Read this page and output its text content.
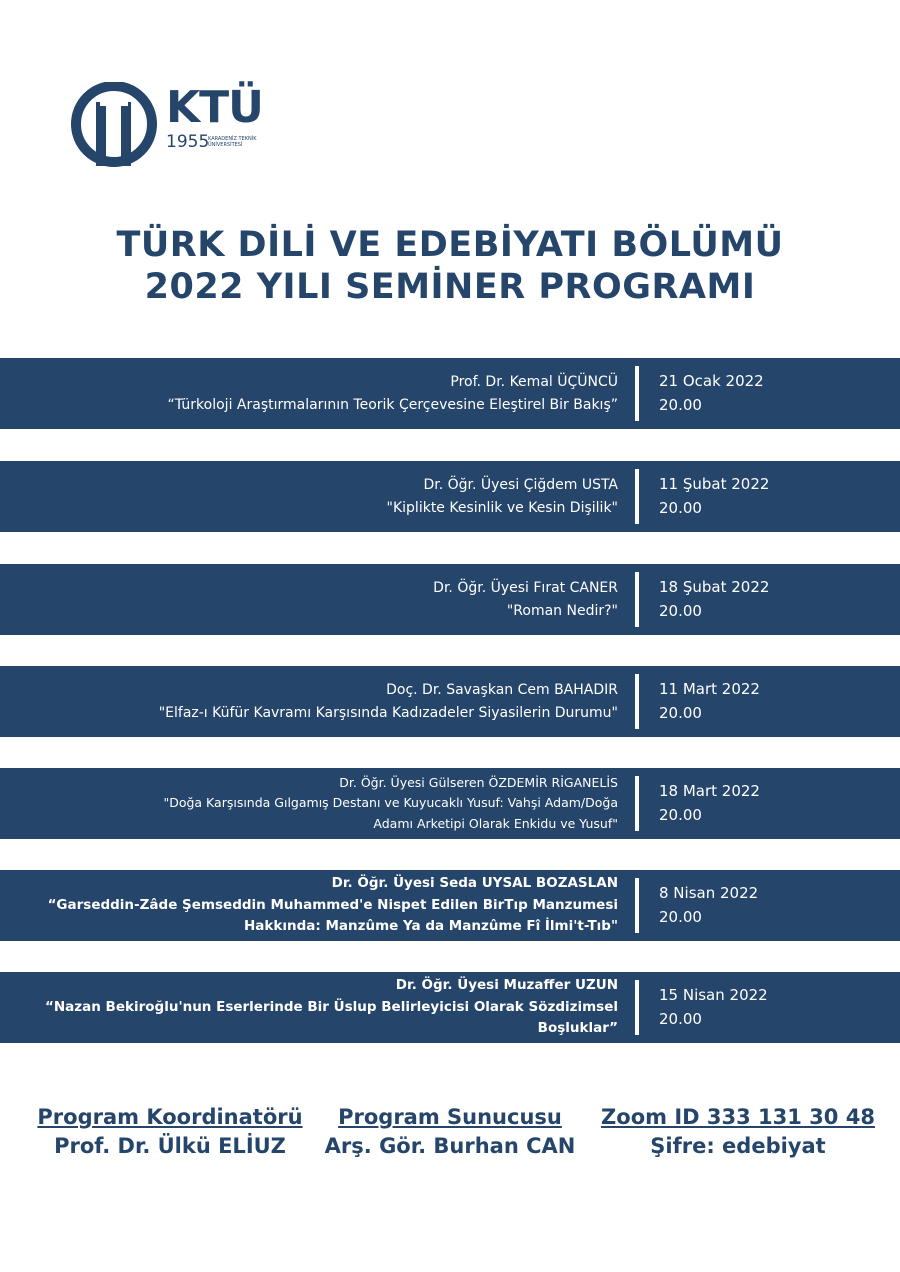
KTÜ
1955
KARADENİZ TEKNİK ÜNİVERSİTESİ
TÜRK DİLİ VE EDEBİYATI BÖLÜMÜ
2022 YILI SEMİNER PROGRAMI
Prof. Dr. Kemal ÜÇÜNCÜ
“Türkoloji Araştırmalarının Teorik Çerçevesine Eleştirel Bir Bakış”
21 Ocak 2022
20.00
Dr. Öğr. Üyesi Çiğdem USTA
"Kiplikte Kesinlik ve Kesin Dişilik"
11 Şubat 2022
20.00
Dr. Öğr. Üyesi Fırat CANER
"Roman Nedir?"
18 Şubat 2022
20.00
Doç. Dr. Savaşkan Cem BAHADIR
"Elfaz-ı Küfür Kavramı Karşısında Kadızadeler Siyasilerin Durumu"
11 Mart 2022
20.00
Dr. Öğr. Üyesi Gülseren ÖZDEMİR RİGANELİS
"Doğa Karşısında Gılgamış Destanı ve Kuyucaklı Yusuf: Vahşi Adam/Doğa
Adamı Arketipi Olarak Enkidu ve Yusuf"
18 Mart 2022
20.00
Dr. Öğr. Üyesi Seda UYSAL BOZASLAN
“Garseddin-Zâde Şemseddin Muhammed'e Nispet Edilen BirTıp Manzumesi
Hakkında: Manzûme Ya da Manzûme Fî İlmi't-Tıb"
8 Nisan 2022
20.00
Dr. Öğr. Üyesi Muzaffer UZUN
“Nazan Bekiroğlu'nun Eserlerinde Bir Üslup Belirleyicisi Olarak Sözdizimsel Boşluklar”
15 Nisan 2022
20.00
Program Koordinatörü
Prof. Dr. Ülkü ELİUZ
Program Sunucusu
Arş. Gör. Burhan CAN
Zoom ID 333 131 30 48
Şifre: edebiyat
